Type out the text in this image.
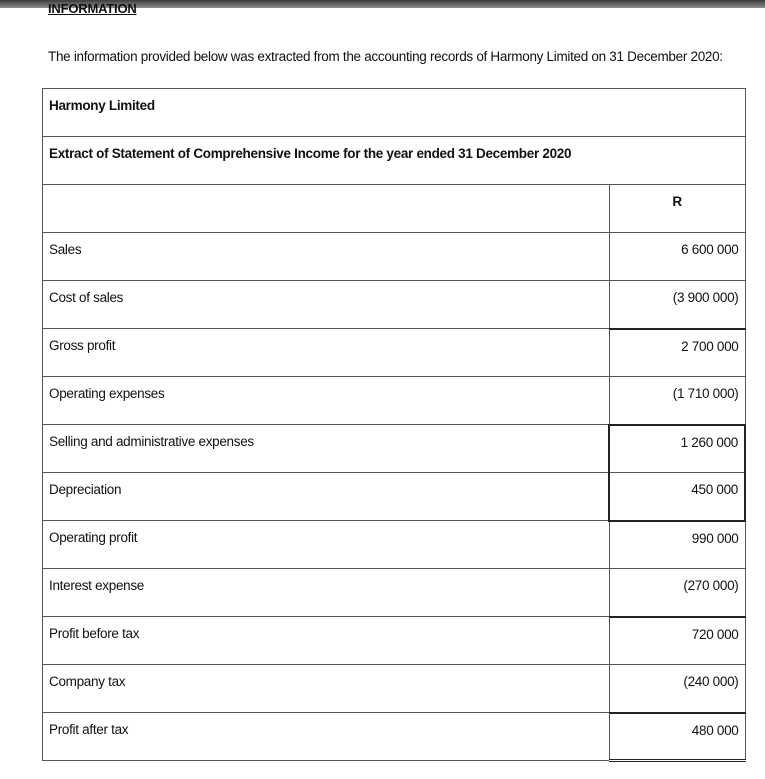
INFORMATION
The information provided below was extracted from the accounting records of Harmony Limited on 31 December 2020:
Harmony Limited	
Extract of Statement of Comprehensive Income for the year ended 31 December 2020	
	R
Sales	6 600 000
Cost of sales	(3 900 000)
Gross profit	2 700 000
Operating expenses	(1 710 000)
Selling and administrative expenses	1 260 000
Depreciation	450 000
Operating profit	990 000
Interest expense	(270 000)
Profit before tax	720 000
Company tax	(240 000)
Profit after tax	480 000
